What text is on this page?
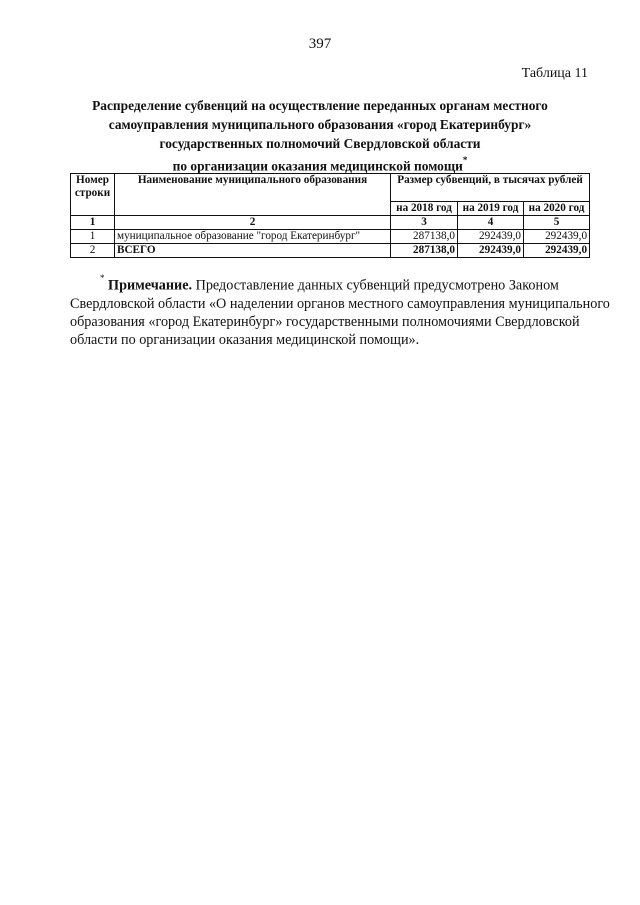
397
Таблица 11
Распределение субвенций на осуществление переданных органам местного
самоуправления муниципального образования «город Екатеринбург»
государственных полномочий Свердловской области
по организации оказания медицинской помощи*
Номер строки	Наименование муниципального образования	Размер субвенций, в тысячах рублей		
		на 2018 год	на 2019 год	на 2020 год
1	2	3	4	5
1	муниципальное образование "город Екатеринбург"	287138,0	292439,0	292439,0
2	ВСЕГО	287138,0	292439,0	292439,0
* Примечание. Предоставление данных субвенций предусмотрено Законом
Свердловской области «О наделении органов местного самоуправления муниципального
образования «город Екатеринбург» государственными полномочиями Свердловской
области по организации оказания медицинской помощи».
